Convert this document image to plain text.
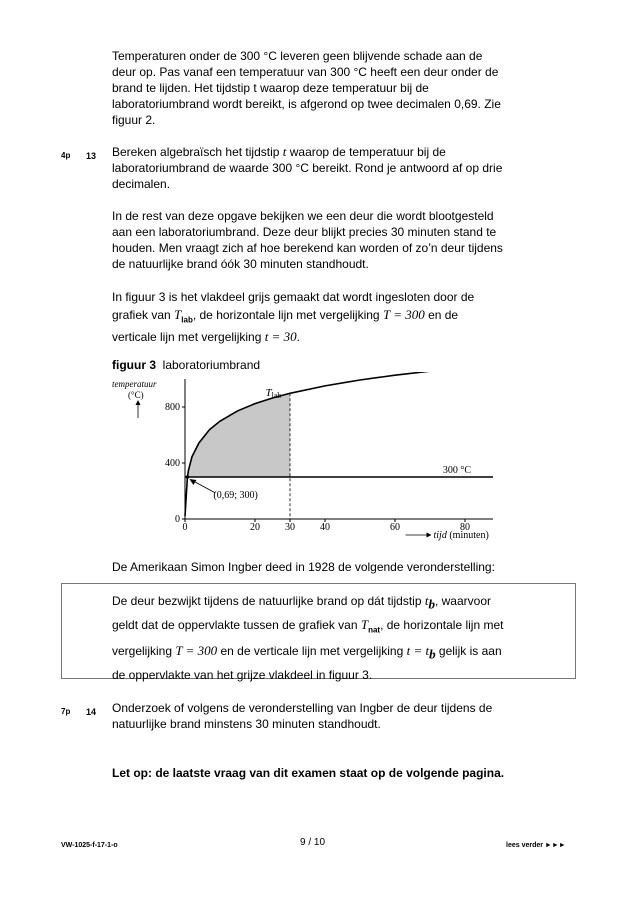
Temperaturen onder de 300 °C leveren geen blijvende schade aan de
deur op. Pas vanaf een temperatuur van 300 °C heeft een deur onder de
brand te lijden. Het tijdstip t waarop deze temperatuur bij de
laboratoriumbrand wordt bereikt, is afgerond op twee decimalen 0,69. Zie
figuur 2.
4p 13 Bereken algebraïsch het tijdstip t waarop de temperatuur bij de
laboratoriumbrand de waarde 300 °C bereikt. Rond je antwoord af op drie
decimalen.
In de rest van deze opgave bekijken we een deur die wordt blootgesteld
aan een laboratoriumbrand. Deze deur blijkt precies 30 minuten stand te
houden. Men vraagt zich af hoe berekend kan worden of zo’n deur tijdens
de natuurlijke brand óók 30 minuten standhoudt.
In figuur 3 is het vlakdeel grijs gemaakt dat wordt ingesloten door de
grafiek van $T_{lab}$, de horizontale lijn met vergelijking T = 300 en de
verticale lijn met vergelijking t = 30.
figuur 3 laboratoriumbrand
0	20	30	40	60	80
0
400
800
(0,69; 300)
Tlab
300 °C
temperatuur
(°C)
tijd (minuten)
De Amerikaan Simon Ingber deed in 1928 de volgende veronderstelling:
De deur bezwijkt tijdens de natuurlijke brand op dát tijdstip $t_b$, waarvoor
geldt dat de oppervlakte tussen de grafiek van $T_{nat}$, de horizontale lijn met
vergelijking T = 300 en de verticale lijn met vergelijking $t = t_b$ gelijk is aan
de oppervlakte van het grijze vlakdeel in figuur 3.
7p 14 Onderzoek of volgens de veronderstelling van Ingber de deur tijdens de
natuurlijke brand minstens 30 minuten standhoudt.
Let op: de laatste vraag van dit examen staat op de volgende pagina.
VW-1025-f-17-1-o	9 / 10	lees verder ►►►
